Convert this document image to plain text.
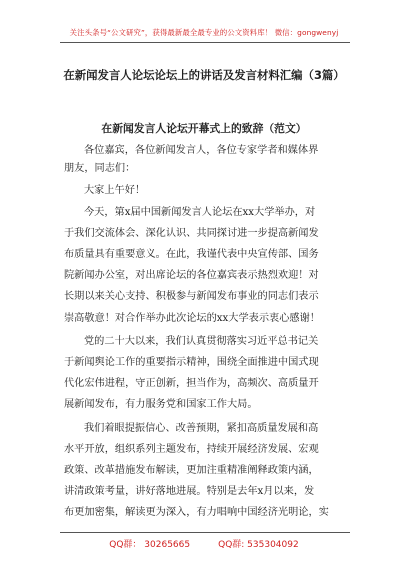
关注头条号“公文研究”，获得最新最全最专业的公文资料库！ 微信：gongwenyj
在新闻发言人论坛论坛上的讲话及发言材料汇编（3篇）
在新闻发言人论坛开幕式上的致辞（范文）
各位嘉宾，各位新闻发言人，各位专家学者和媒体界
朋友，同志们：
大家上午好！
今天，第x届中国新闻发言人论坛在xx大学举办，对
于我们交流体会、深化认识、共同探讨进一步提高新闻发
布质量具有重要意义。在此，我谨代表中央宣传部、国务
院新闻办公室，对出席论坛的各位嘉宾表示热烈欢迎！对
长期以来关心支持、积极参与新闻发布事业的同志们表示
崇高敬意！对合作举办此次论坛的xx大学表示衷心感谢！
党的二十大以来，我们认真贯彻落实习近平总书记关
于新闻舆论工作的重要指示精神，围绕全面推进中国式现
代化宏伟进程，守正创新，担当作为，高频次、高质量开
展新闻发布，有力服务党和国家工作大局。
我们着眼提振信心、改善预期，紧扣高质量发展和高
水平开放，组织系列主题发布，持续开展经济发展、宏观
政策、改革措施发布解读，更加注重精准阐释政策内涵，
讲清政策考量，讲好落地进展。特别是去年x月以来，发
布更加密集，解读更为深入，有力唱响中国经济光明论，实
QQ群： 30265665	QQ群: 535304092
